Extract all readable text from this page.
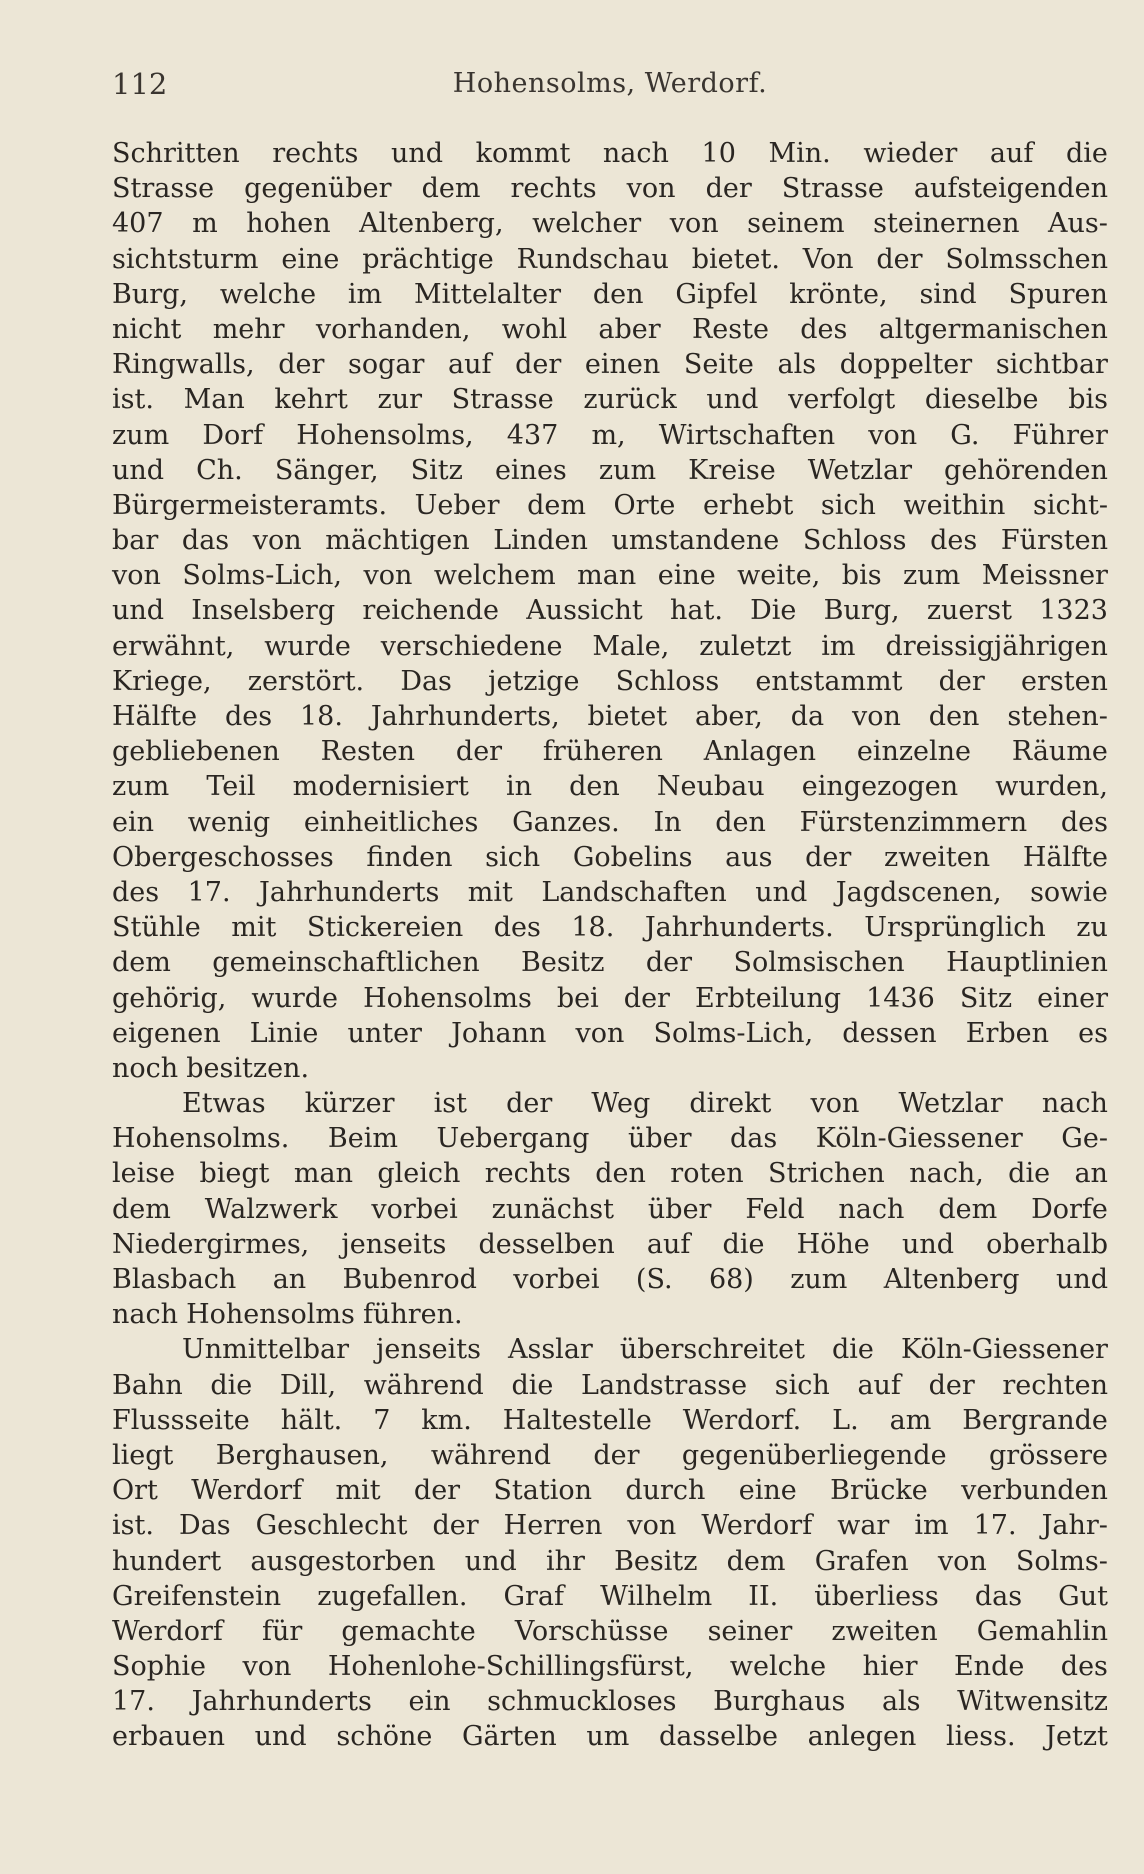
112	Hohensolms, Werdorf.
Schritten rechts und kommt nach 10 Min. wieder auf die
Strasse gegenüber dem rechts von der Strasse aufsteigenden
407 m hohen Altenberg, welcher von seinem steinernen Aus-
sichtsturm eine prächtige Rundschau bietet. Von der Solmsschen
Burg, welche im Mittelalter den Gipfel krönte, sind Spuren
nicht mehr vorhanden, wohl aber Reste des altgermanischen
Ringwalls, der sogar auf der einen Seite als doppelter sichtbar
ist. Man kehrt zur Strasse zurück und verfolgt dieselbe bis
zum Dorf Hohensolms, 437 m, Wirtschaften von G. Führer
und Ch. Sänger, Sitz eines zum Kreise Wetzlar gehörenden
Bürgermeisteramts. Ueber dem Orte erhebt sich weithin sicht-
bar das von mächtigen Linden umstandene Schloss des Fürsten
von Solms-Lich, von welchem man eine weite, bis zum Meissner
und Inselsberg reichende Aussicht hat. Die Burg, zuerst 1323
erwähnt, wurde verschiedene Male, zuletzt im dreissigjährigen
Kriege, zerstört. Das jetzige Schloss entstammt der ersten
Hälfte des 18. Jahrhunderts, bietet aber, da von den stehen-
gebliebenen Resten der früheren Anlagen einzelne Räume
zum Teil modernisiert in den Neubau eingezogen wurden,
ein wenig einheitliches Ganzes. In den Fürstenzimmern des
Obergeschosses finden sich Gobelins aus der zweiten Hälfte
des 17. Jahrhunderts mit Landschaften und Jagdscenen, sowie
Stühle mit Stickereien des 18. Jahrhunderts. Ursprünglich zu
dem gemeinschaftlichen Besitz der Solmsischen Hauptlinien
gehörig, wurde Hohensolms bei der Erbteilung 1436 Sitz einer
eigenen Linie unter Johann von Solms-Lich, dessen Erben es
noch besitzen.
Etwas kürzer ist der Weg direkt von Wetzlar nach
Hohensolms. Beim Uebergang über das Köln-Giessener Ge-
leise biegt man gleich rechts den roten Strichen nach, die an
dem Walzwerk vorbei zunächst über Feld nach dem Dorfe
Niedergirmes, jenseits desselben auf die Höhe und oberhalb
Blasbach an Bubenrod vorbei (S. 68) zum Altenberg und
nach Hohensolms führen.
Unmittelbar jenseits Asslar überschreitet die Köln-Giessener
Bahn die Dill, während die Landstrasse sich auf der rechten
Flussseite hält. 7 km. Haltestelle Werdorf. L. am Bergrande
liegt Berghausen, während der gegenüberliegende grössere
Ort Werdorf mit der Station durch eine Brücke verbunden
ist. Das Geschlecht der Herren von Werdorf war im 17. Jahr-
hundert ausgestorben und ihr Besitz dem Grafen von Solms-
Greifenstein zugefallen. Graf Wilhelm II. überliess das Gut
Werdorf für gemachte Vorschüsse seiner zweiten Gemahlin
Sophie von Hohenlohe-Schillingsfürst, welche hier Ende des
17. Jahrhunderts ein schmuckloses Burghaus als Witwensitz
erbauen und schöne Gärten um dasselbe anlegen liess. Jetzt
